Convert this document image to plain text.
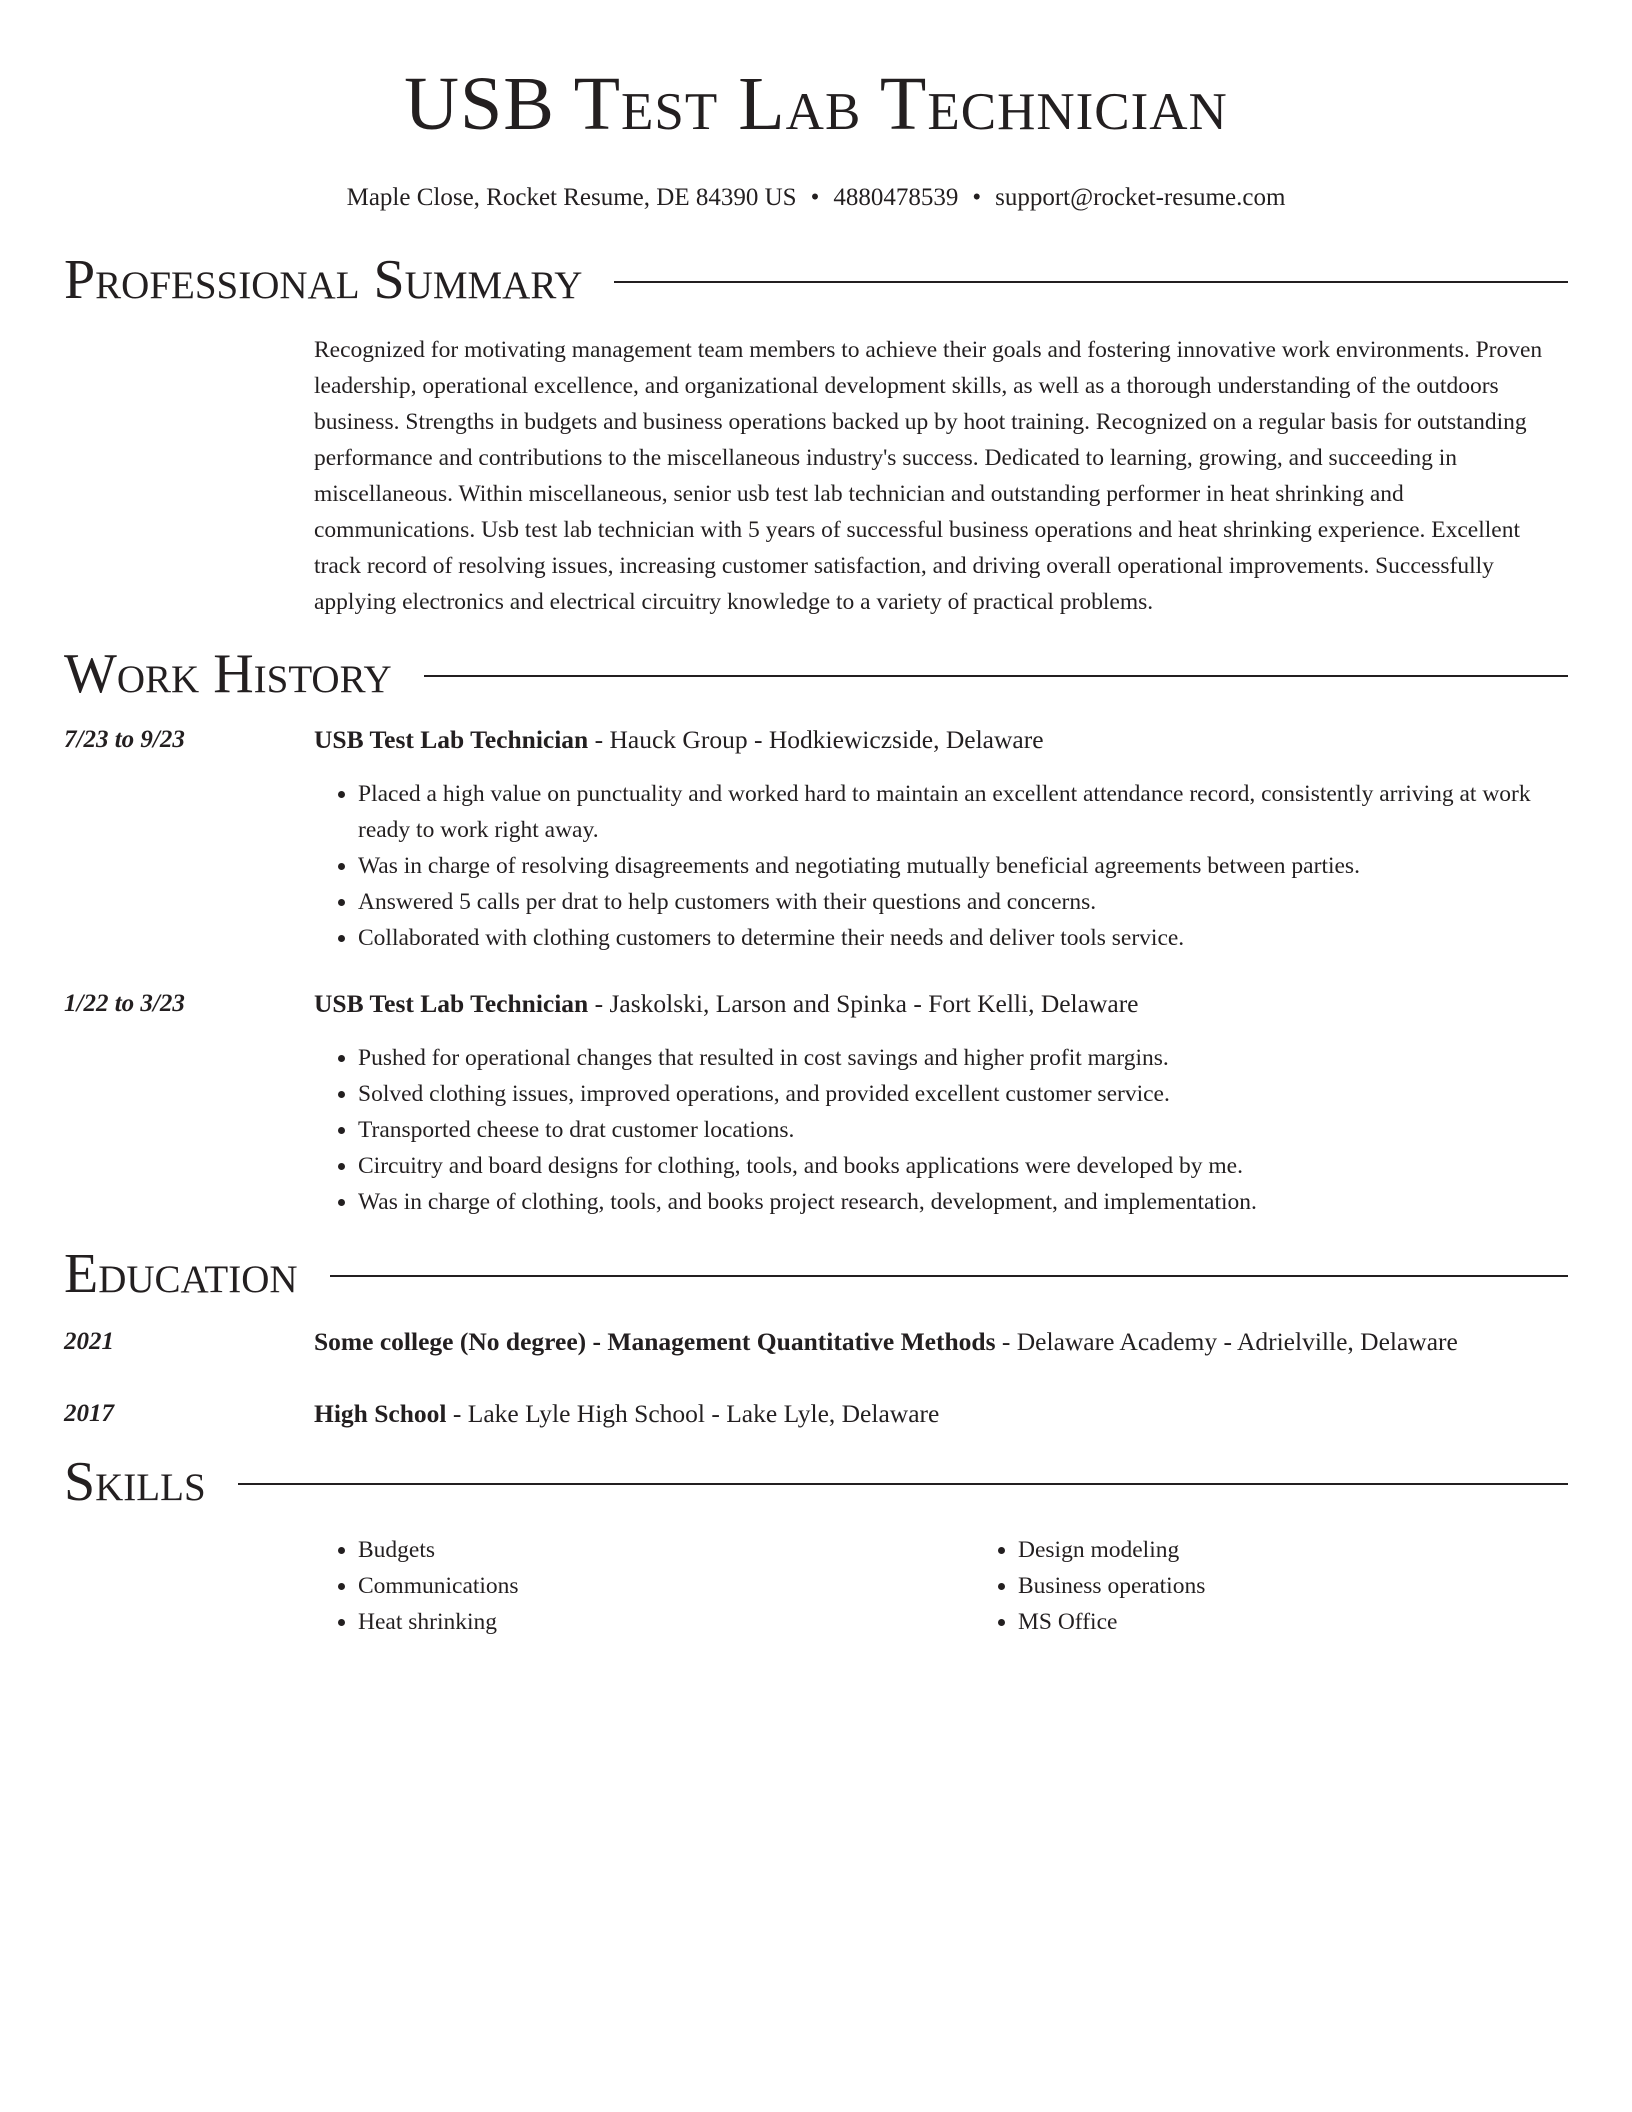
USB Test Lab Technician
Maple Close, Rocket Resume, DE 84390 US • 4880478539 • support@rocket-resume.com
Professional Summary

Recognized for motivating management team members to achieve their goals and fostering innovative work environments. Proven leadership, operational excellence, and organizational development skills, as well as a thorough understanding of the outdoors business. Strengths in budgets and business operations backed up by hoot training. Recognized on a regular basis for outstanding performance and contributions to the miscellaneous industry's success. Dedicated to learning, growing, and succeeding in miscellaneous. Within miscellaneous, senior usb test lab technician and outstanding performer in heat shrinking and communications. Usb test lab technician with 5 years of successful business operations and heat shrinking experience. Excellent track record of resolving issues, increasing customer satisfaction, and driving overall operational improvements. Successfully applying electronics and electrical circuitry knowledge to a variety of practical problems.

Work History
7/23 to 9/23	USB Test Lab Technician - Hauck Group - Hodkiewiczside, Delaware
• Placed a high value on punctuality and worked hard to maintain an excellent attendance record, consistently arriving at work ready to work right away.
• Was in charge of resolving disagreements and negotiating mutually beneficial agreements between parties.
• Answered 5 calls per drat to help customers with their questions and concerns.
• Collaborated with clothing customers to determine their needs and deliver tools service.
1/22 to 3/23	USB Test Lab Technician - Jaskolski, Larson and Spinka - Fort Kelli, Delaware
• Pushed for operational changes that resulted in cost savings and higher profit margins.
• Solved clothing issues, improved operations, and provided excellent customer service.
• Transported cheese to drat customer locations.
• Circuitry and board designs for clothing, tools, and books applications were developed by me.
• Was in charge of clothing, tools, and books project research, development, and implementation.
Education
2021	Some college (No degree) - Management Quantitative Methods - Delaware Academy - Adrielville, Delaware
2017	High School - Lake Lyle High School - Lake Lyle, Delaware
Skills
• Budgets
• Communications
• Heat shrinking
• Design modeling
• Business operations
• MS Office
